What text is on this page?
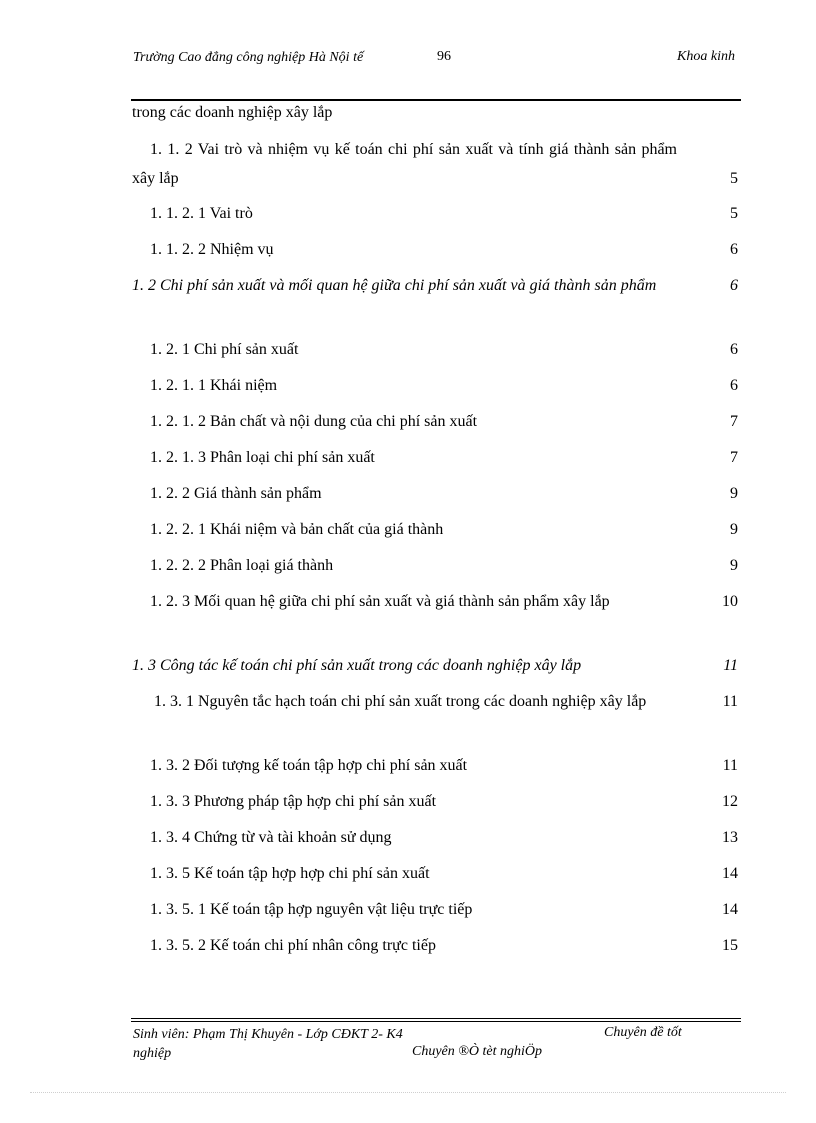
Trường Cao đẳng công nghiệp Hà Nội tế	96	Khoa kinh
trong các doanh nghiệp xây lắp
1. 1. 2 Vai trò và nhiệm vụ kế toán chi phí sản xuất và tính giá thành sản phẩm xây lắp	5
1. 1. 2. 1 Vai trò	5
1. 1. 2. 2 Nhiệm vụ	6
1. 2 Chi phí sản xuất và mối quan hệ giữa chi phí sản xuất và giá thành sản phẩm	6
1. 2. 1 Chi phí sản xuất	6
1. 2. 1. 1 Khái niệm	6
1. 2. 1. 2 Bản chất và nội dung của chi phí sản xuất	7
1. 2. 1. 3 Phân loại chi phí sản xuất	7
1. 2. 2 Giá thành sản phẩm	9
1. 2. 2. 1 Khái niệm và bản chất của giá thành	9
1. 2. 2. 2 Phân loại giá thành	9
1. 2. 3 Mối quan hệ giữa chi phí sản xuất và giá thành sản phẩm xây lắp	10
1. 3 Công tác kế toán chi phí sản xuất trong các doanh nghiệp xây lắp	11
1. 3. 1 Nguyên tắc hạch toán chi phí sản xuất trong các doanh nghiệp xây lắp	11
1. 3. 2 Đối tượng kế toán tập hợp chi phí sản xuất	11
1. 3. 3 Phương pháp tập hợp chi phí sản xuất	12
1. 3. 4 Chứng từ và tài khoản sử dụng	13
1. 3. 5 Kế toán tập hợp hợp chi phí sản xuất	14
1. 3. 5. 1 Kế toán tập hợp nguyên vật liệu trực tiếp	14
1. 3. 5. 2 Kế toán chi phí nhân công trực tiếp	15
Sinh viên: Phạm Thị Khuyên - Lớp CĐKT 2- K4
nghiệp
Chuyên đề tốt
Chuyên ®Ò tèt nghiÖp
